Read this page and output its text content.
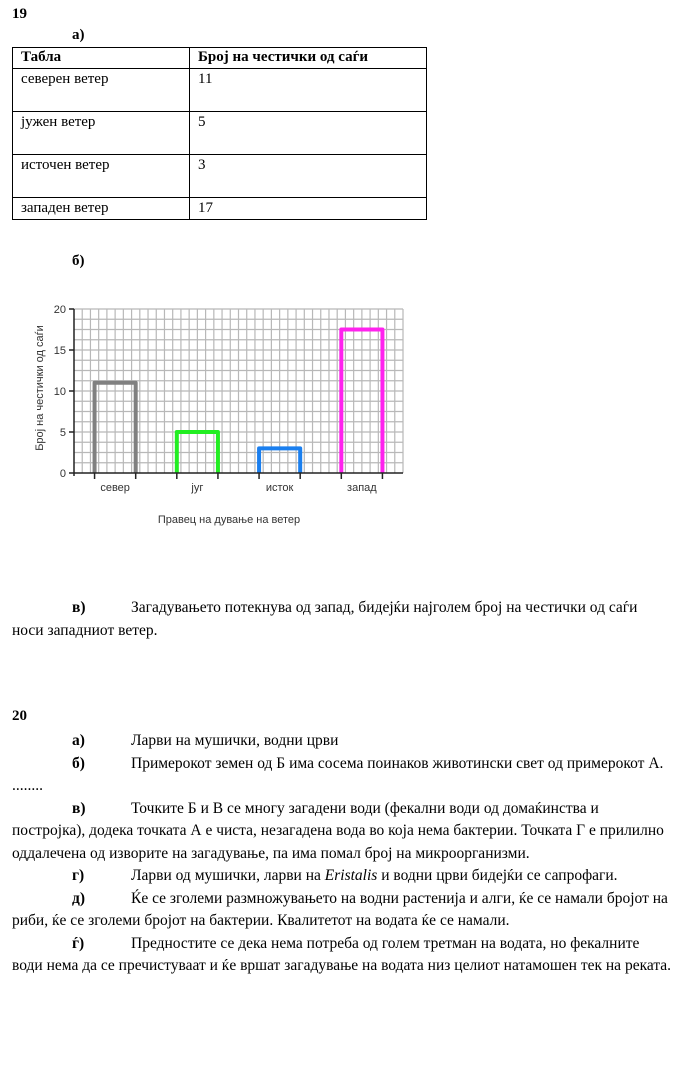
19
а)
Табла	Број на честички од саѓи
северен ветер	11
јужен ветер	5
источен ветер	3
западен ветер	17
б)
0
5
10
15
20
север	југ	исток	запад
Број на честички од саѓи
Правец на дување на ветер
в)	Загадувањето потекнува од запад, бидејќи најголем број на честички од саѓи носи западниот ветер.
20
а)	Ларви на мушички, водни црви
б)	Примерокот земен од Б има сосема поинаков животински свет од примерокот А. ........
в)	Точките Б и В се многу загадени води (фекални води од домаќинства и постројка), додека точката А е чиста, незагадена вода во која нема бактерии. Точката Г е прилилно оддалечена од изворите на загадување, па има помал број на микроорганизми.
г)	Ларви од мушички, ларви на Eristalis и водни црви бидејќи се сапрофаги.
д)	Ќе се зголеми размножувањето на водни растенија и алги, ќе се намали бројот на риби, ќе се зголеми бројот на бактерии. Квалитетот на водата ќе се намали.
ѓ)	Предностите се дека нема потреба од голем третман на водата, но фекалните води нема да се пречистуваат и ќе вршат загадување на водата низ целиот натамошен тек на реката.
